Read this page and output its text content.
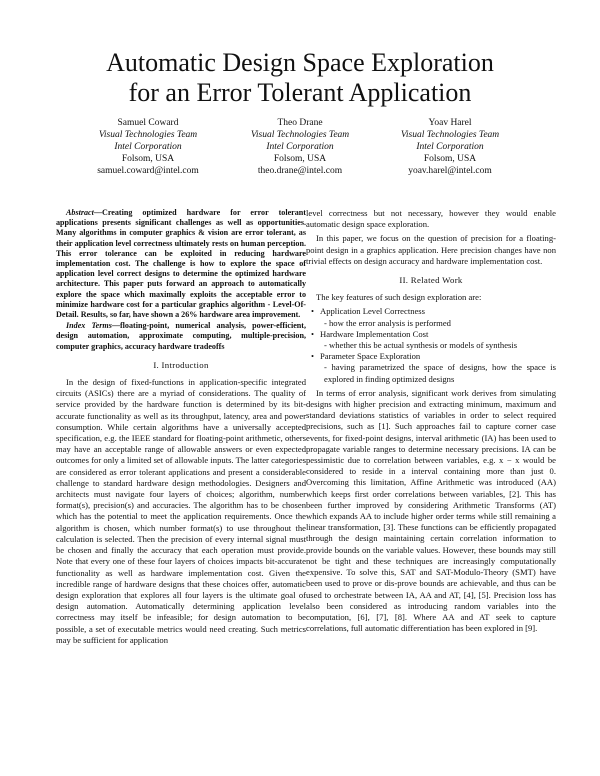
Automatic Design Space Exploration
for an Error Tolerant Application
Samuel Coward
Visual Technologies Team
Intel Corporation
Folsom, USA
samuel.coward@intel.com
Theo Drane
Visual Technologies Team
Intel Corporation
Folsom, USA
theo.drane@intel.com
Yoav Harel
Visual Technologies Team
Intel Corporation
Folsom, USA
yoav.harel@intel.com

Abstract—Creating optimized hardware for error tolerant applications presents significant challenges as well as opportunities. Many algorithms in computer graphics & vision are error tolerant, as their application level correctness ultimately rests on human perception. This error tolerance can be exploited in reducing hardware implementation cost. The challenge is how to explore the space of application level correct designs to determine the optimized hardware architecture. This paper puts forward an approach to automatically explore the space which maximally exploits the acceptable error to minimize hardware cost for a particular graphics algorithm - Level-Of-Detail. Results, so far, have shown a 26% hardware area improvement.

Index Terms—floating-point, numerical analysis, power-efficient, design automation, approximate computing, multiple-precision, computer graphics, accuracy hardware tradeoffs

I. Introduction

In the design of fixed-functions in application-specific integrated circuits (ASICs) there are a myriad of considerations. The quality of service provided by the hardware function is determined by its bit-accurate functionality as well as its throughput, latency, area and power consumption. While certain algorithms have a universally accepted specification, e.g. the IEEE standard for floating-point arithmetic, others may have an acceptable range of allowable answers or even expected outcomes for only a limited set of allowable inputs. The latter categories are considered as error tolerant applications and present a considerable challenge to standard hardware design methodologies. Designers and architects must navigate four layers of choices; algorithm, number format(s), precision(s) and accuracies. The algorithm has to be chosen which has the potential to meet the application requirements. Once the algorithm is chosen, which number format(s) to use throughout the calculation is selected. Then the precision of every internal signal must be chosen and finally the accuracy that each operation must provide. Note that every one of these four layers of choices impacts bit-accurate functionality as well as hardware implementation cost. Given the incredible range of hardware designs that these choices offer, automatic design exploration that explores all four layers is the ultimate goal of design automation. Automatically determining application level correctness may itself be infeasible; for design automation to be possible, a set of executable metrics would need creating. Such metrics may be sufficient for application

level correctness but not necessary, however they would enable automatic design space exploration.

In this paper, we focus on the question of precision for a floating-point design in a graphics application. Here precision changes have non trivial effects on design accuracy and hardware implementation cost.

II. Related Work

The key features of such design exploration are:

• Application Level Correctness
- how the error analysis is performed
• Hardware Implementation Cost
- whether this be actual synthesis or models of synthesis
• Parameter Space Exploration
- having parametrized the space of designs, how the space is explored in finding optimized designs

In terms of error analysis, significant work derives from simulating designs with higher precision and extracting minimum, maximum and standard deviations statistics of variables in order to select required precisions, such as [1]. Such approaches fail to capture corner case events, for fixed-point designs, interval arithmetic (IA) has been used to propagate variable ranges to determine necessary precisions. IA can be pessimistic due to correlation between variables, e.g. x − x would be considered to reside in a interval containing more than just 0. Overcoming this limitation, Affine Arithmetic was introduced (AA) which keeps first order correlations between variables, [2]. This has been further improved by considering Arithmetic Transforms (AT) which expands AA to include higher order terms while still remaining a linear transformation, [3]. These functions can be efficiently propagated through the design maintaining certain correlation information to provide bounds on the variable values. However, these bounds may still not be tight and these techniques are increasingly computationally expensive. To solve this, SAT and SAT-Modulo-Theory (SMT) have been used to prove or dis-prove bounds are achievable, and thus can be used to orchestrate between IA, AA and AT, [4], [5]. Precision loss has also been considered as introducing random variables into the computation, [6], [7], [8]. Where AA and AT seek to capture correlations, full automatic differentiation has been explored in [9].
